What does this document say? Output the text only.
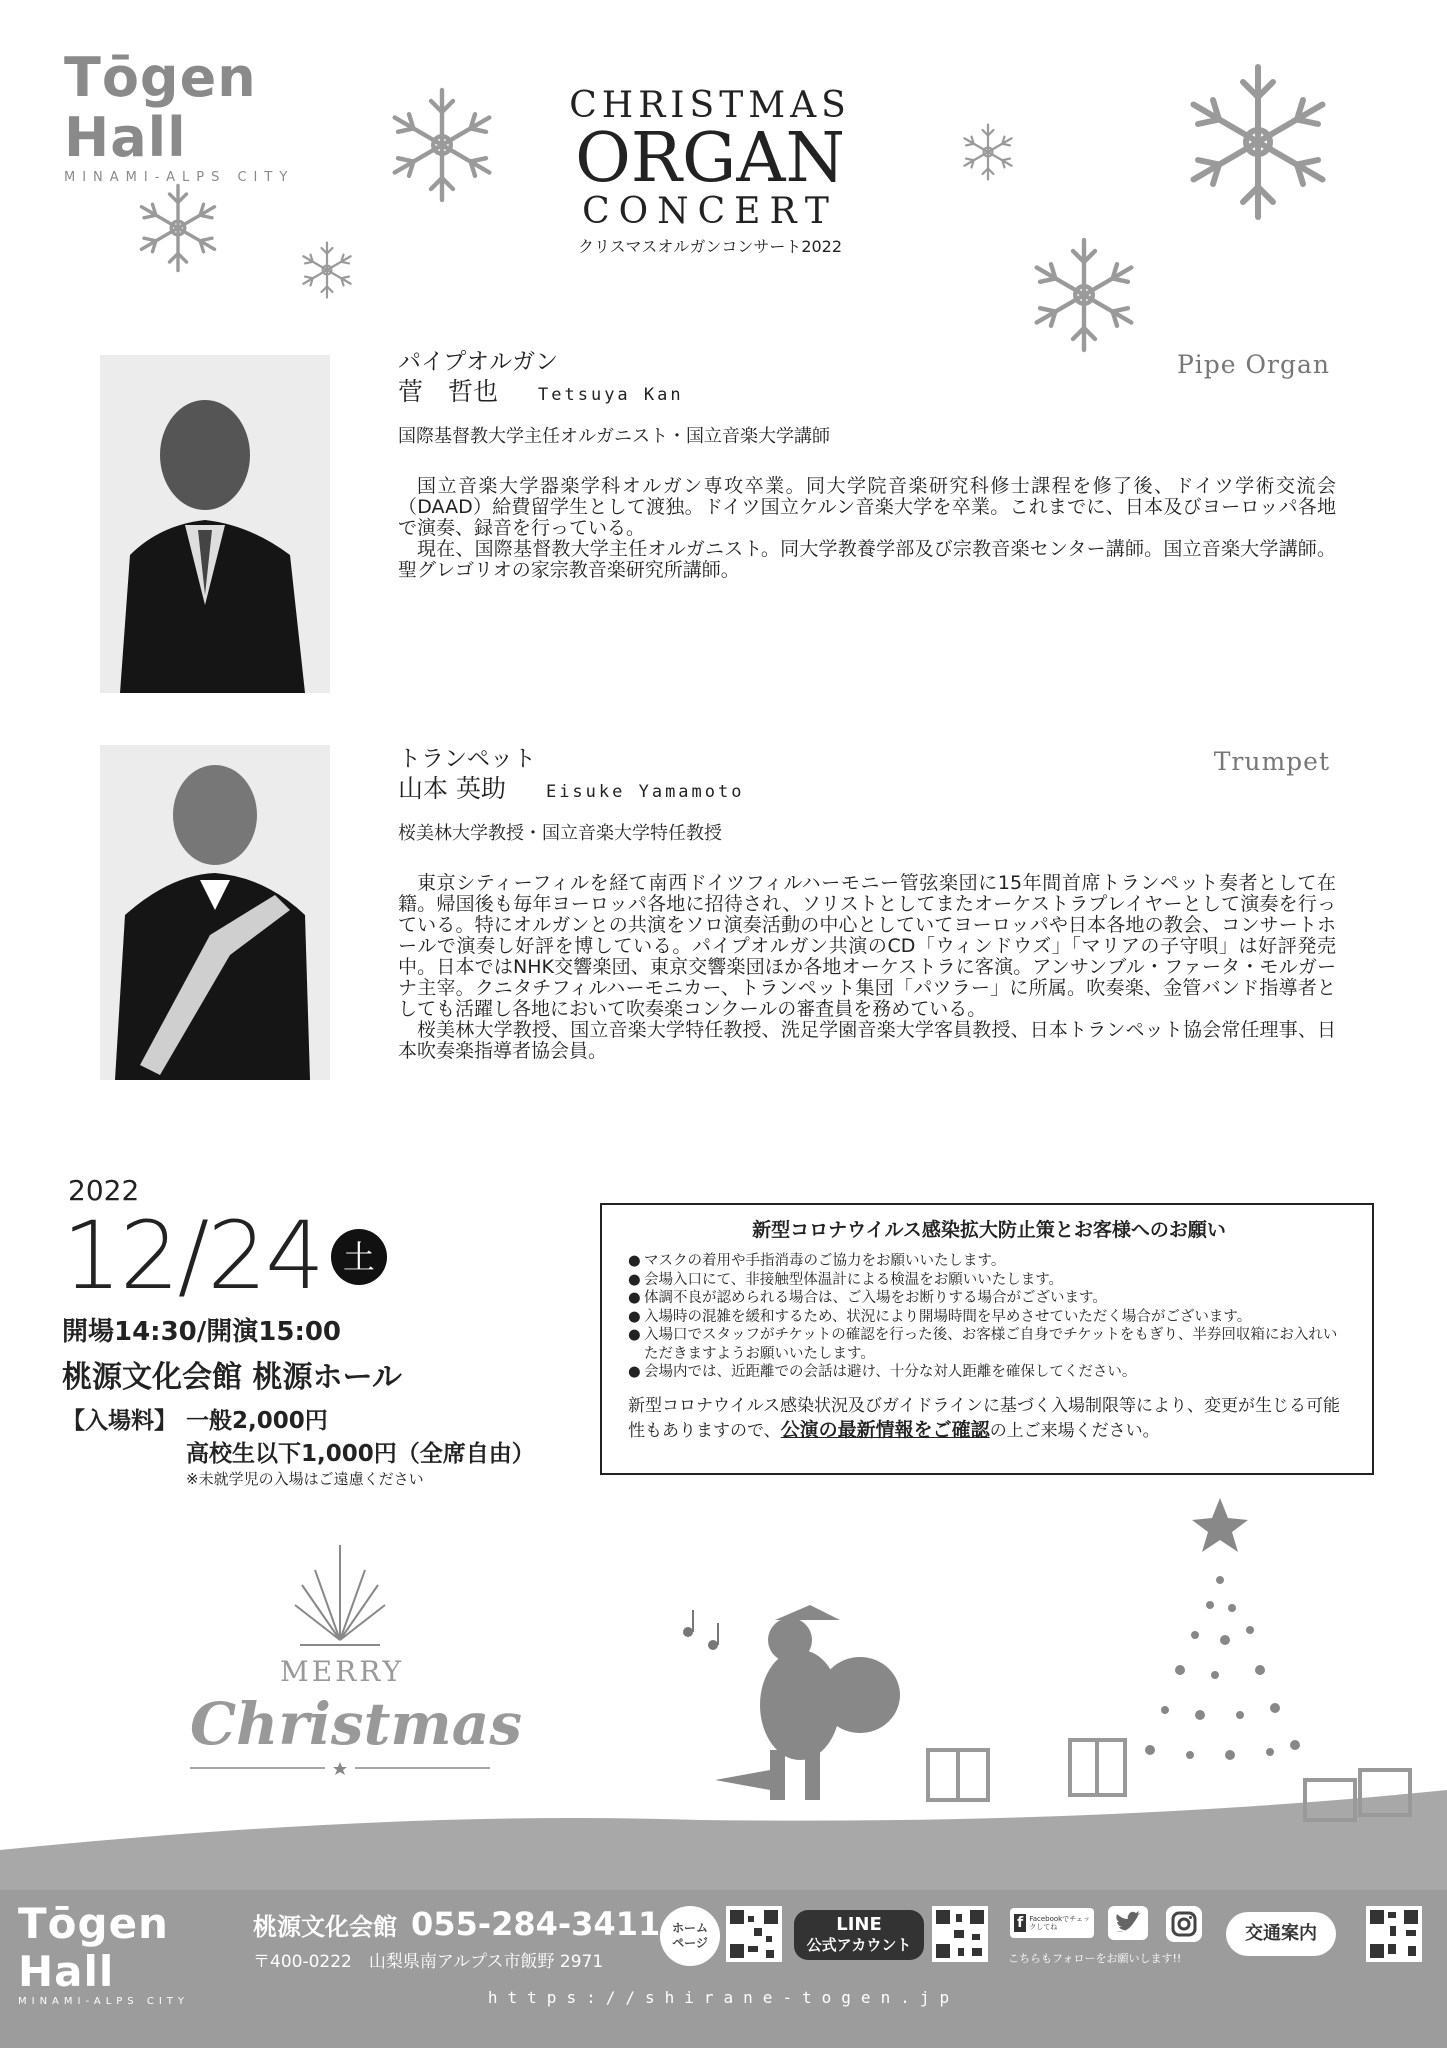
Tōgen Hall
MINAMI-ALPS CITY
CHRISTMAS
ORGAN
CONCERT
クリスマスオルガンコンサート2022
パイプオルガン
菅　哲也 Tetsuya Kan
国際基督教大学主任オルガニスト・国立音楽大学講師

国立音楽大学器楽学科オルガン専攻卒業。同大学院音楽研究科修士課程を修了後、ドイツ学術交流会（DAAD）給費留学生として渡独。ドイツ国立ケルン音楽大学を卒業。これまでに、日本及びヨーロッパ各地で演奏、録音を行っている。

現在、国際基督教大学主任オルガニスト。同大学教養学部及び宗教音楽センター講師。国立音楽大学講師。聖グレゴリオの家宗教音楽研究所講師。

Pipe Organ
トランペット
山本 英助 Eisuke Yamamoto
桜美林大学教授・国立音楽大学特任教授

東京シティーフィルを経て南西ドイツフィルハーモニー管弦楽団に15年間首席トランペット奏者として在籍。帰国後も毎年ヨーロッパ各地に招待され、ソリストとしてまたオーケストラプレイヤーとして演奏を行っている。特にオルガンとの共演をソロ演奏活動の中心としていてヨーロッパや日本各地の教会、コンサートホールで演奏し好評を博している。パイプオルガン共演のCD「ウィンドウズ」「マリアの子守唄」は好評発売中。日本ではNHK交響楽団、東京交響楽団ほか各地オーケストラに客演。アンサンブル・ファータ・モルガーナ主宰。クニタチフィルハーモニカー、トランペット集団「パツラー」に所属。吹奏楽、金管バンド指導者としても活躍し各地において吹奏楽コンクールの審査員を務めている。

桜美林大学教授、国立音楽大学特任教授、洗足学園音楽大学客員教授、日本トランペット協会常任理事、日本吹奏楽指導者協会員。

Trumpet
2022
12/24 土
開場14:30/開演15:00
桃源文化会館 桃源ホール
【入場料】 一般2,000円
高校生以下1,000円（全席自由）
※未就学児の入場はご遠慮ください
新型コロナウイルス感染拡大防止策とお客様へのお願い
● マスクの着用や手指消毒のご協力をお願いいたします。
● 会場入口にて、非接触型体温計による検温をお願いいたします。
● 体調不良が認められる場合は、ご入場をお断りする場合がございます。
● 入場時の混雑を緩和するため、状況により開場時間を早めさせていただく場合がございます。
● 入場口でスタッフがチケットの確認を行った後、お客様ご自身でチケットをもぎり、半券回収箱にお入れいただきますようお願いいたします。
● 会場内では、近距離での会話は避け、十分な対人距離を確保してください。
新型コロナウイルス感染状況及びガイドラインに基づく入場制限等により、変更が生じる可能性もありますので、公演の最新情報をご確認の上ご来場ください。
MERRY
Christmas
Tōgen Hall
MINAMI-ALPS CITY
桃源文化会館 055-284-3411
〒400-0222　山梨県南アルプス市飯野 2971
ホーム
ページ
LINE
公式アカウント
f Facebookでチェックしてね
こちらもフォローをお願いします!!
交通案内
https://shirane-togen.jp
